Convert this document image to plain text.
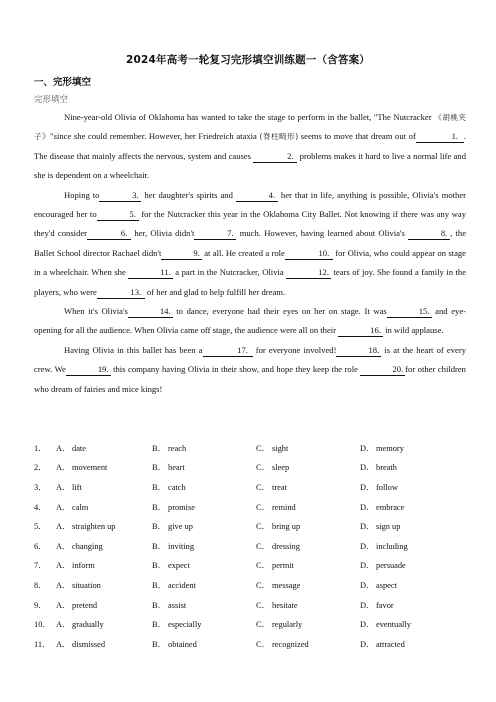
2024年高考一轮复习完形填空训练题一（含答案）
一、完形填空
完形填空

Nine-year-old Olivia of Oklahoma has wanted to take the stage to perform in the ballet, "The Nutcracker 《胡桃夹子》"since she could remember. However, her Friedreich ataxia (脊柱畸形) seems to move that dream out of	1. . The disease that mainly affects the nervous, system and causes	2. problems makes it hard to live a normal life and she is dependent on a wheelchair.

Hoping to	3. her daughter's spirits and	4. her that in life, anything is possible, Olivia's mother encouraged her to	5. for the Nutcracker this year in the Oklahoma City Ballet. Not knowing if there was any way they'd consider	6. her, Olivia didn't	7. much. However, having learned about Olivia's	8. , the Ballet School director Rachael didn't	9. at all. He created a role	10. for Olivia, who could appear on stage in a wheelchair. When she	11. a part in the Nutcracker, Olivia	12. tears of joy. She found a family in the players, who were	13. of her and glad to help fulfill her dream.

When it's Olivia's	14. to dance, everyone had their eyes on her on stage. It was	15. and eye-opening for all the audience. When Olivia came off stage, the audience were all on their	16. in wild applause.

Having Olivia in this ballet has been a	17. for everyone involved!	18. is at the heart of every crew. We	19. this company having Olivia in their show, and hope they keep the role	20. for other children who dream of fairies and mice kings!

1．	A． date	B． reach	C． sight	D． memory
2．	A． movement	B． heart	C． sleep	D． breath
3．	A． lift	B． catch	C． treat	D． follow
4．	A． calm	B． promise	C． remind	D． embrace
5．	A． straighten up	B． give up	C． bring up	D． sign up
6．	A． changing	B． inviting	C． dressing	D． including
7．	A． inform	B． expect	C． permit	D． persuade
8．	A． situation	B． accident	C． message	D． aspect
9．	A． pretend	B． assist	C． hesitate	D． favor
10． A． gradually	B． especially	C． regularly	D． eventually
11． A． dismissed	B． obtained	C． recognized	D． attracted
